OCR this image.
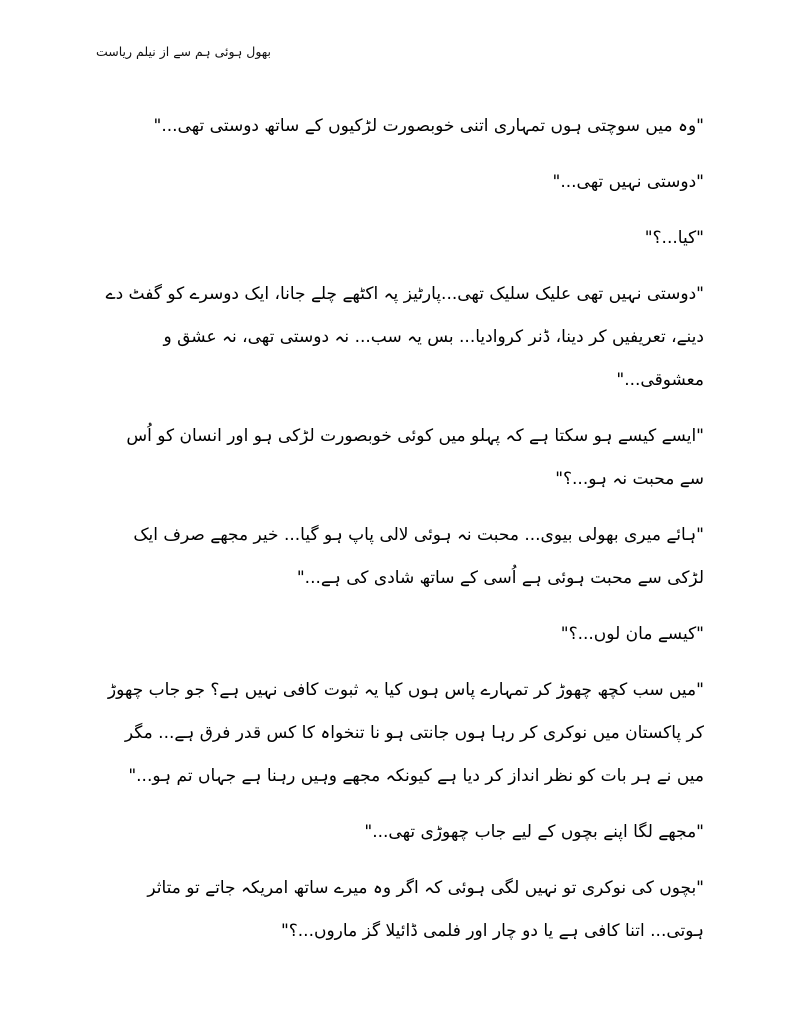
بھول ہوئی ہم سے از نیلم ریاست

"وہ میں سوچتی ہوں تمہاری اتنی خوبصورت لڑکیوں کے ساتھ دوستی تھی..."

"دوستی نہیں تھی..."

"کیا...؟"

"دوستی نہیں تھی علیک سلیک تھی...پارٹیز پہ اکٹھے چلے جانا، ایک دوسرے کو گفٹ دے دینے، تعریفیں کر دینا، ڈنر کروادیا... بس یہ سب... نہ دوستی تھی، نہ عشق و معشوقی..."

"ایسے کیسے ہو سکتا ہے کہ پہلو میں کوئی خوبصورت لڑکی ہو اور انسان کو اُس سے محبت نہ ہو...؟"

"ہائے میری بھولی بیوی... محبت نہ ہوئی لالی پاپ ہو گیا... خیر مجھے صرف ایک لڑکی سے محبت ہوئی ہے اُسی کے ساتھ شادی کی ہے..."

"کیسے مان لوں...؟"

"میں سب کچھ چھوڑ کر تمہارے پاس ہوں کیا یہ ثبوت کافی نہیں ہے؟ جو جاب چھوڑ کر پاکستان میں نوکری کر رہا ہوں جانتی ہو نا تنخواہ کا کس قدر فرق ہے... مگر میں نے ہر بات کو نظر انداز کر دیا ہے کیونکہ مجھے وہیں رہنا ہے جہاں تم ہو..."

"مجھے لگا اپنے بچوں کے لیے جاب چھوڑی تھی..."

"بچوں کی نوکری تو نہیں لگی ہوئی کہ اگر وہ میرے ساتھ امریکہ جاتے تو متاثر ہوتی... اتنا کافی ہے یا دو چار اور فلمی ڈائیلا گز ماروں...؟"
